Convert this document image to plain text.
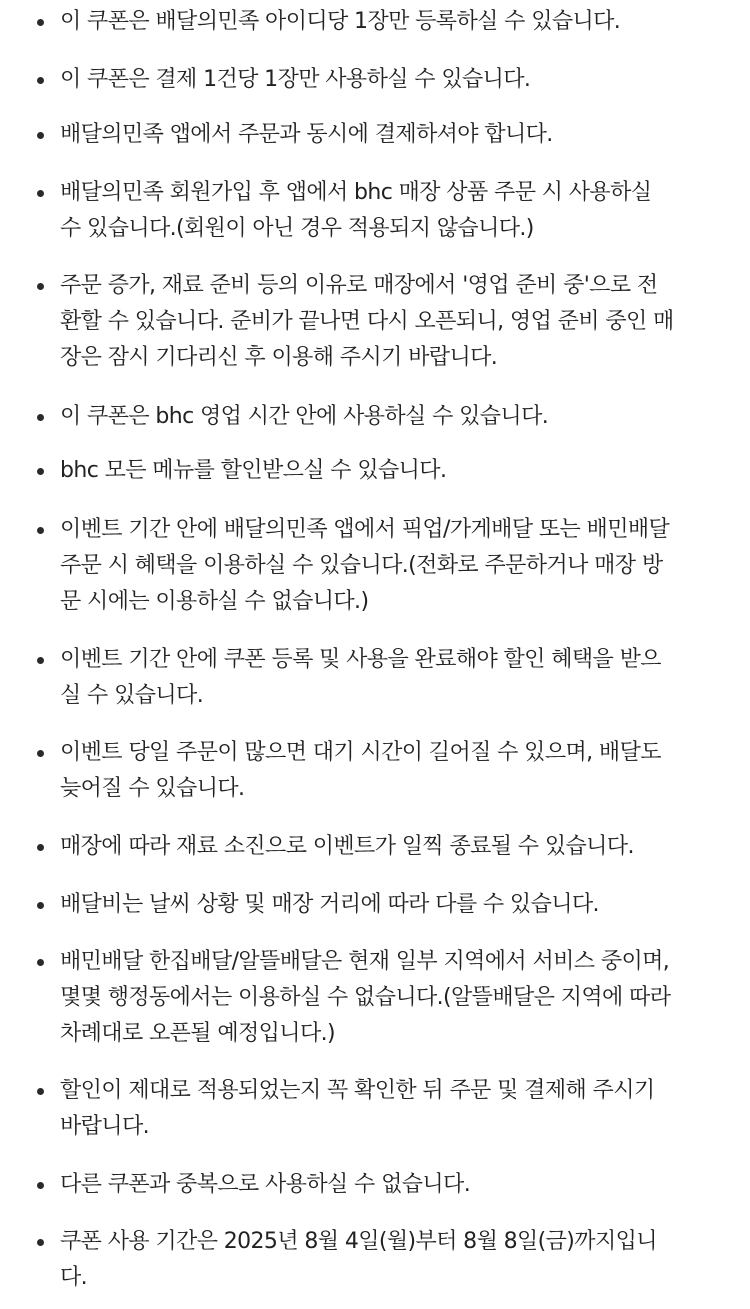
이 쿠폰은 배달의민족 아이디당 1장만 등록하실 수 있습니다.
이 쿠폰은 결제 1건당 1장만 사용하실 수 있습니다.
배달의민족 앱에서 주문과 동시에 결제하셔야 합니다.
배달의민족 회원가입 후 앱에서 bhc 매장 상품 주문 시 사용하실
수 있습니다.(회원이 아닌 경우 적용되지 않습니다.)
주문 증가, 재료 준비 등의 이유로 매장에서 '영업 준비 중'으로 전
환할 수 있습니다. 준비가 끝나면 다시 오픈되니, 영업 준비 중인 매
장은 잠시 기다리신 후 이용해 주시기 바랍니다.
이 쿠폰은 bhc 영업 시간 안에 사용하실 수 있습니다.
bhc 모든 메뉴를 할인받으실 수 있습니다.
이벤트 기간 안에 배달의민족 앱에서 픽업/가게배달 또는 배민배달
주문 시 혜택을 이용하실 수 있습니다.(전화로 주문하거나 매장 방
문 시에는 이용하실 수 없습니다.)
이벤트 기간 안에 쿠폰 등록 및 사용을 완료해야 할인 혜택을 받으
실 수 있습니다.
이벤트 당일 주문이 많으면 대기 시간이 길어질 수 있으며, 배달도
늦어질 수 있습니다.
매장에 따라 재료 소진으로 이벤트가 일찍 종료될 수 있습니다.
배달비는 날씨 상황 및 매장 거리에 따라 다를 수 있습니다.
배민배달 한집배달/알뜰배달은 현재 일부 지역에서 서비스 중이며,
몇몇 행정동에서는 이용하실 수 없습니다.(알뜰배달은 지역에 따라
차례대로 오픈될 예정입니다.)
할인이 제대로 적용되었는지 꼭 확인한 뒤 주문 및 결제해 주시기
바랍니다.
다른 쿠폰과 중복으로 사용하실 수 없습니다.
쿠폰 사용 기간은 2025년 8월 4일(월)부터 8월 8일(금)까지입니
다.
